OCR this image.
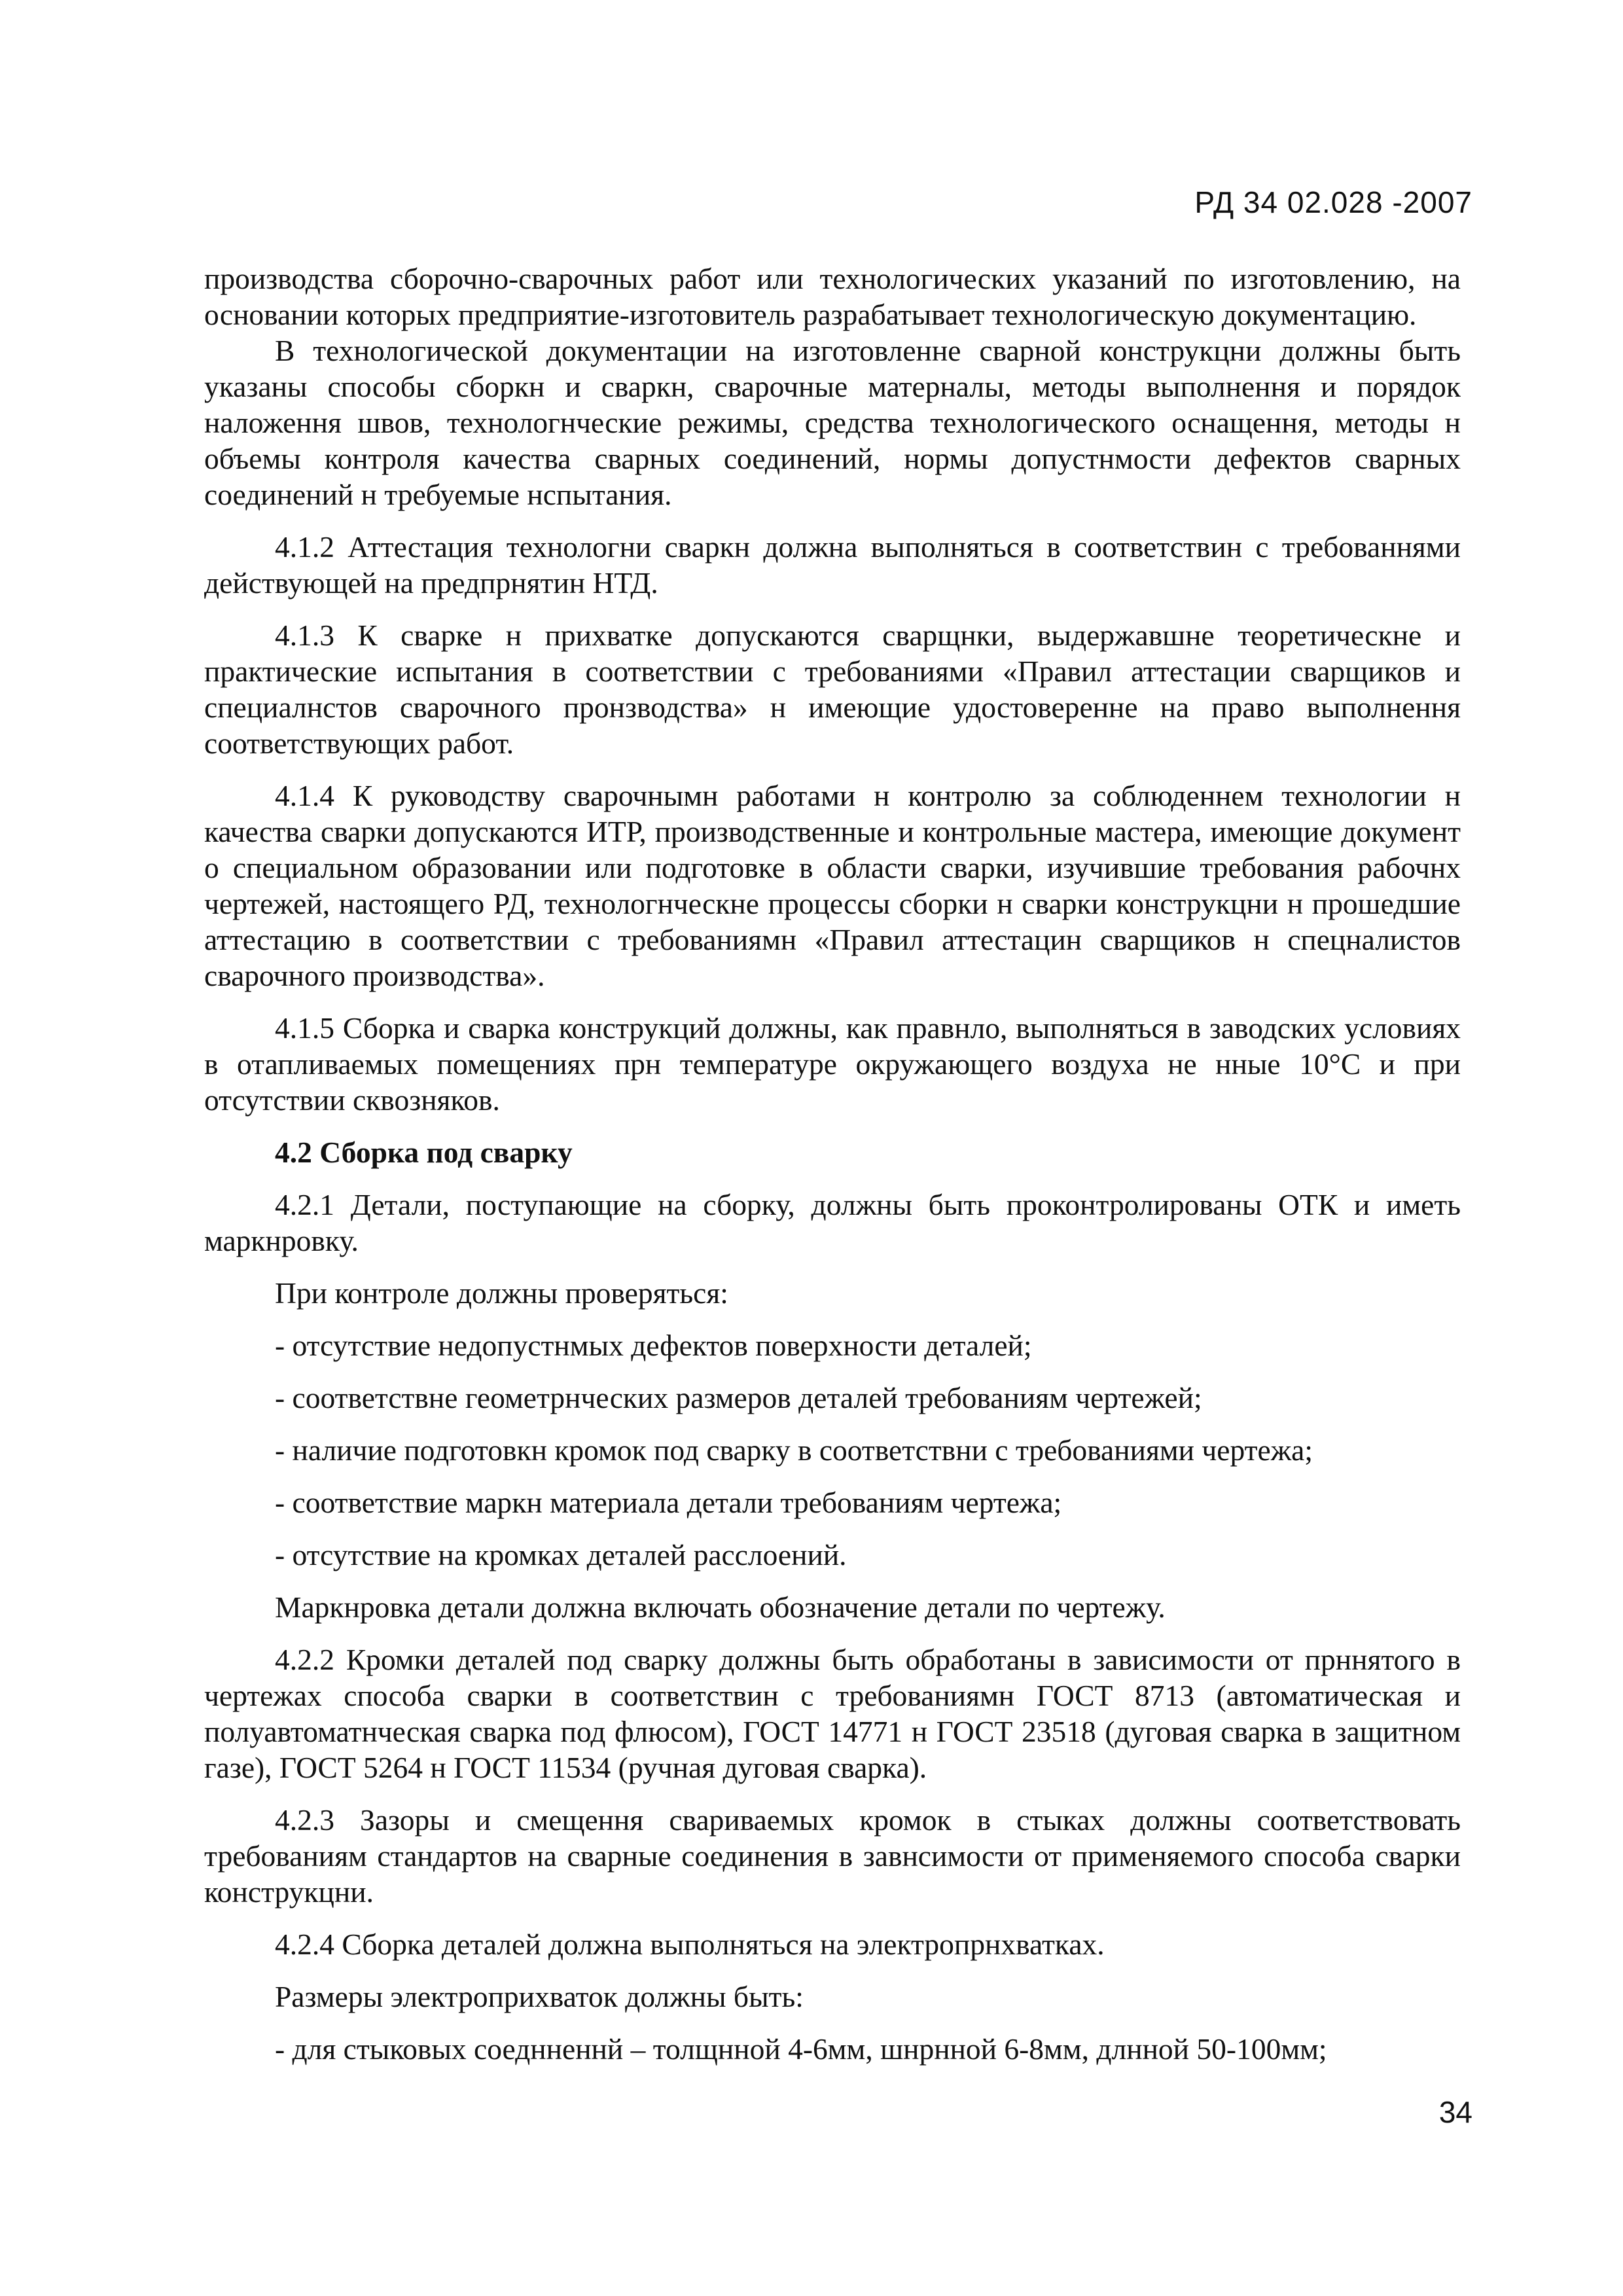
РД 34 02.028 -2007

производства сборочно-сварочных работ или технологических указаний по изготовлению, на основании которых предприятие-изготовитель разрабатывает технологическую документацию.

В технологической документации на изготовленне сварной конструкцни должны быть указаны способы сборкн и сваркн, сварочные матерналы, методы выполнення и порядок наложення швов, технологнческие режимы, средства технологического оснащення, методы н объемы контроля качества сварных соединений, нормы допустнмости дефектов сварных соединений н требуемые нспытания.

4.1.2 Аттестация технологни сваркн должна выполняться в соответствин с требованнями действующей на предпрнятин НТД.

4.1.3 К сварке н прихватке допускаются сварщнки, выдержавшне теоретическне и практические испытания в соответствии с требованиями «Правил аттестации сварщиков и специалнстов сварочного пронзводства» н имеющие удостоверенне на право выполнення соответствующих работ.

4.1.4 К руководству сварочнымн работами н контролю за соблюденнем технологии н качества сварки допускаются ИТР, производственные и контрольные мастера, имеющие документ о специальном образовании или подготовке в области сварки, изучившие требования рабочнх чертежей, настоящего РД, технологнческне процессы сборки н сварки конструкцни н прошедшие аттестацию в соответствии с требованиямн «Правил аттестацин сварщиков н спецналистов сварочного производства».

4.1.5 Сборка и сварка конструкций должны, как правнло, выполняться в заводских условиях в отапливаемых помещениях прн температуре окружающего воздуха не нные 10°С и при отсутствии сквозняков.

4.2 Сборка под сварку

4.2.1 Детали, поступающие на сборку, должны быть проконтролированы ОТК и иметь маркнровку.

При контроле должны проверяться:

- отсутствие недопустнмых дефектов поверхности деталей;

- соответствне геометрнческих размеров деталей требованиям чертежей;

- наличие подготовкн кромок под сварку в соответствни с требованиями чертежа;

- соответствие маркн материала детали требованиям чертежа;

- отсутствие на кромках деталей расслоений.

Маркнровка детали должна включать обозначение детали по чертежу.

4.2.2 Кромки деталей под сварку должны быть обработаны в зависимости от прннятого в чертежах способа сварки в соответствин с требованиямн ГОСТ 8713 (автоматическая и полуавтоматнческая сварка под флюсом), ГОСТ 14771 н ГОСТ 23518 (дуговая сварка в защитном газе), ГОСТ 5264 н ГОСТ 11534 (ручная дуговая сварка).

4.2.3 Зазоры и смещення свариваемых кромок в стыках должны соответствовать требованиям стандартов на сварные соединения в завнсимости от применяемого способа сварки конструкцни.

4.2.4 Сборка деталей должна выполняться на электропрнхватках.

Размеры электроприхваток должны быть:

- для стыковых соеднненнй – толщнной 4-6мм, шнрнной 6-8мм, длнной 50-100мм;

34
